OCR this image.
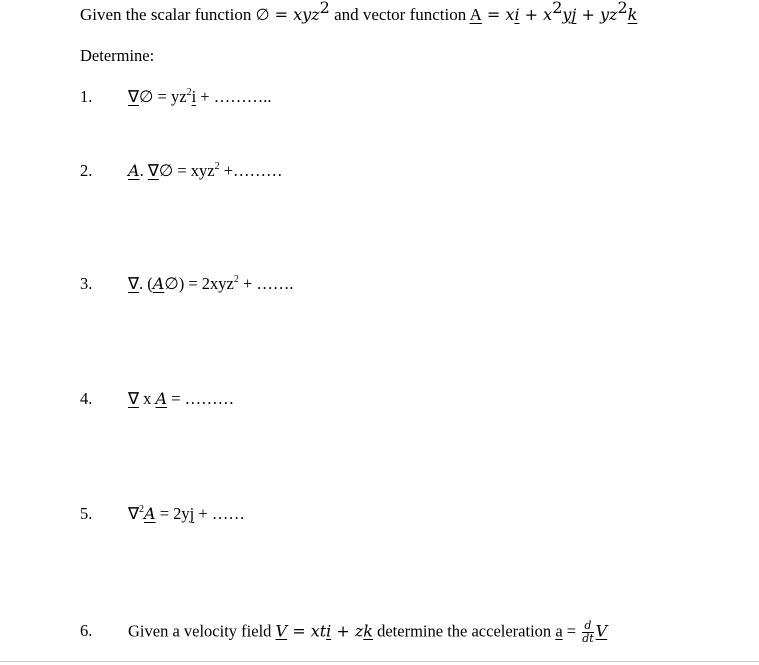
Given the scalar function ∅ = xyz$^2$ and vector function A = xi + $x^2yj + yz^2k$
Determine:
1. ∇∅ = $yz^2i$ + ………..
2. A. ∇∅ = xyz$^2$ +………
3. ∇. (A∅) = 2xyz$^2$ + …….
4. ∇ x A = ………
5. ∇$^2$A = 2yj + ……
6. Given a velocity field V = xti + zk determine the acceleration $a = \frac{d}{dt}$ V
